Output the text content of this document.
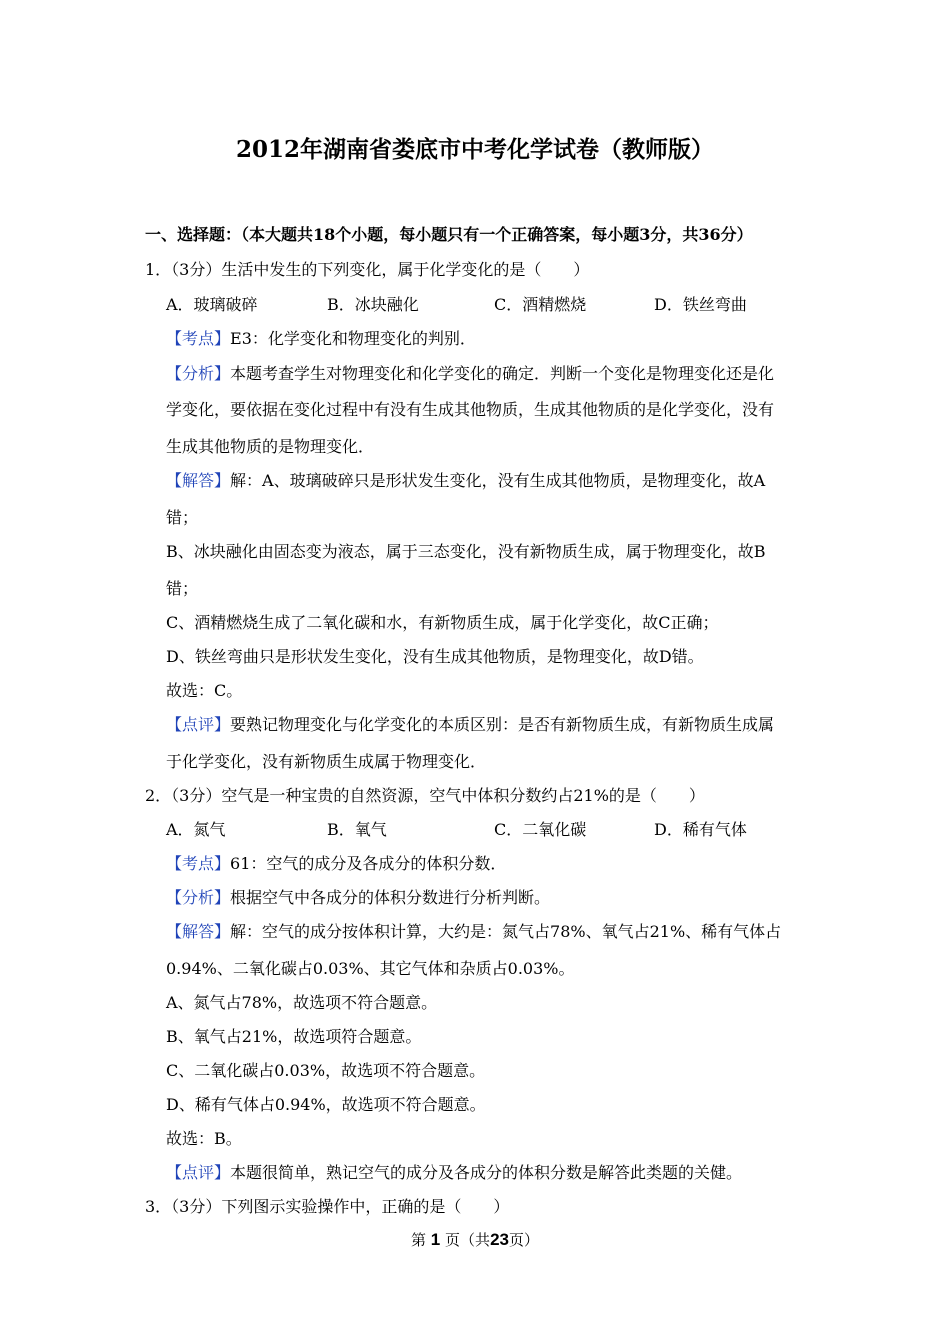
2012年湖南省娄底市中考化学试卷（教师版）
一、选择题：（本大题共18个小题，每小题只有一个正确答案，每小题3分，共36分）
1．（3分）生活中发生的下列变化，属于化学变化的是（　　）
A．玻璃破碎	B．冰块融化	C．酒精燃烧	D．铁丝弯曲
【考点】E3：化学变化和物理变化的判别．
【分析】本题考查学生对物理变化和化学变化的确定．判断一个变化是物理变化还是化
学变化，要依据在变化过程中有没有生成其他物质，生成其他物质的是化学变化，没有
生成其他物质的是物理变化．
【解答】解：A、玻璃破碎只是形状发生变化，没有生成其他物质，是物理变化，故A
错；
B、冰块融化由固态变为液态，属于三态变化，没有新物质生成，属于物理变化，故B
错；
C、酒精燃烧生成了二氧化碳和水，有新物质生成，属于化学变化，故C正确；
D、铁丝弯曲只是形状发生变化，没有生成其他物质，是物理变化，故D错。
故选：C。
【点评】要熟记物理变化与化学变化的本质区别：是否有新物质生成，有新物质生成属
于化学变化，没有新物质生成属于物理变化．
2．（3分）空气是一种宝贵的自然资源，空气中体积分数约占21%的是（　　）
A．氮气	B．氧气	C．二氧化碳	D．稀有气体
【考点】61：空气的成分及各成分的体积分数．
【分析】根据空气中各成分的体积分数进行分析判断。
【解答】解：空气的成分按体积计算，大约是：氮气占78%、氧气占21%、稀有气体占
0.94%、二氧化碳占0.03%、其它气体和杂质占0.03%。
A、氮气占78%，故选项不符合题意。
B、氧气占21%，故选项符合题意。
C、二氧化碳占0.03%，故选项不符合题意。
D、稀有气体占0.94%，故选项不符合题意。
故选：B。
【点评】本题很简单，熟记空气的成分及各成分的体积分数是解答此类题的关健。
3．（3分）下列图示实验操作中，正确的是（　　）
第 1 页（共23页）
